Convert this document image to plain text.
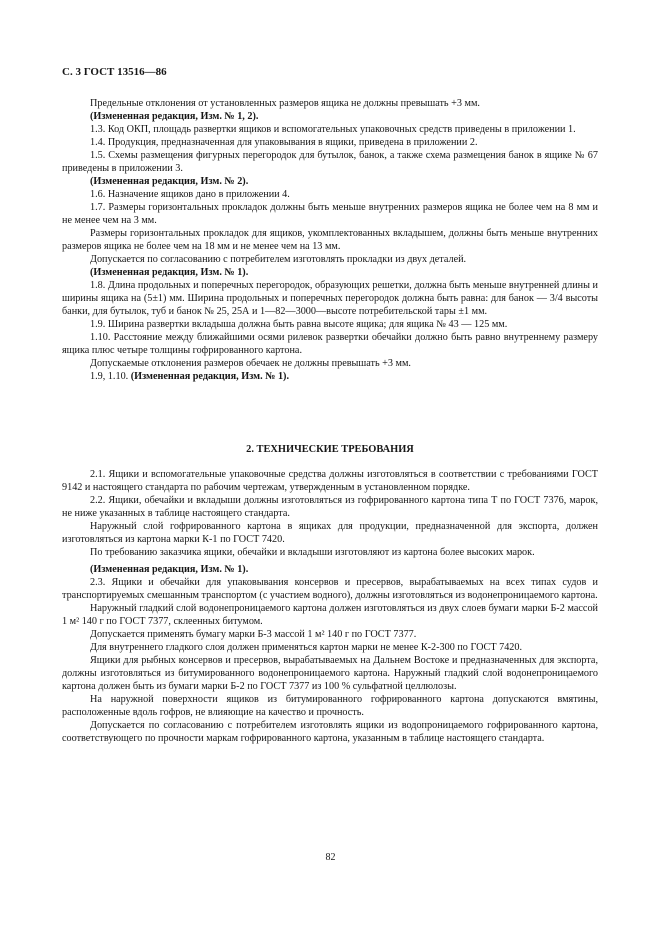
С. 3 ГОСТ 13516—86

Предельные отклонения от установленных размеров ящика не должны превышать +3 мм.

(Измененная редакция, Изм. № 1, 2).

1.3. Код ОКП, площадь развертки ящиков и вспомогательных упаковочных средств приведены в приложении 1.

1.4. Продукция, предназначенная для упаковывания в ящики, приведена в приложении 2.

1.5. Схемы размещения фигурных перегородок для бутылок, банок, а также схема размещения банок в ящике № 67 приведены в приложении 3.

(Измененная редакция, Изм. № 2).

1.6. Назначение ящиков дано в приложении 4.

1.7. Размеры горизонтальных прокладок должны быть меньше внутренних размеров ящика не более чем на 8 мм и не менее чем на 3 мм.

Размеры горизонтальных прокладок для ящиков, укомплектованных вкладышем, должны быть меньше внутренних размеров ящика не более чем на 18 мм и не менее чем на 13 мм.

Допускается по согласованию с потребителем изготовлять прокладки из двух деталей.

(Измененная редакция, Изм. № 1).

1.8. Длина продольных и поперечных перегородок, образующих решетки, должна быть меньше внутренней длины и ширины ящика на (5±1) мм. Ширина продольных и поперечных перегородок должна быть равна: для банок — 3/4 высоты банки, для бутылок, туб и банок № 25, 25А и 1—82—3000—высоте потребительской тары ±1 мм.

1.9. Ширина развертки вкладыша должна быть равна высоте ящика; для ящика № 43 — 125 мм.

1.10. Расстояние между ближайшими осями рилевок развертки обечайки должно быть равно внутреннему размеру ящика плюс четыре толщины гофрированного картона.

Допускаемые отклонения размеров обечаек не должны превышать +3 мм.

1.9, 1.10. (Измененная редакция, Изм. № 1).

2. ТЕХНИЧЕСКИЕ ТРЕБОВАНИЯ

2.1. Ящики и вспомогательные упаковочные средства должны изготовляться в соответствии с требованиями ГОСТ 9142 и настоящего стандарта по рабочим чертежам, утвержденным в установленном порядке.

2.2. Ящики, обечайки и вкладыши должны изготовляться из гофрированного картона типа Т по ГОСТ 7376, марок, не ниже указанных в таблице настоящего стандарта.

Наружный слой гофрированного картона в ящиках для продукции, предназначенной для экспорта, должен изготовляться из картона марки К-1 по ГОСТ 7420.

По требованию заказчика ящики, обечайки и вкладыши изготовляют из картона более высоких марок.

(Измененная редакция, Изм. № 1).

2.3. Ящики и обечайки для упаковывания консервов и пресервов, вырабатываемых на всех типах судов и транспортируемых смешанным транспортом (с участием водного), должны изготовляться из водонепроницаемого картона.

Наружный гладкий слой водонепроницаемого картона должен изготовляться из двух слоев бумаги марки Б-2 массой 1 м² 140 г по ГОСТ 7377, склеенных битумом.

Допускается применять бумагу марки Б-3 массой 1 м² 140 г по ГОСТ 7377.

Для внутреннего гладкого слоя должен применяться картон марки не менее К-2-300 по ГОСТ 7420.

Ящики для рыбных консервов и пресервов, вырабатываемых на Дальнем Востоке и предназначенных для экспорта, должны изготовляться из битумированного водонепроницаемого картона. Наружный гладкий слой водонепроницаемого картона должен быть из бумаги марки Б-2 по ГОСТ 7377 из 100 % сульфатной целлюлозы.

На наружной поверхности ящиков из битумированного гофрированного картона допускаются вмятины, расположенные вдоль гофров, не влияющие на качество и прочность.

Допускается по согласованию с потребителем изготовлять ящики из водопроницаемого гофрированного картона, соответствующего по прочности маркам гофрированного картона, указанным в таблице настоящего стандарта.

82
